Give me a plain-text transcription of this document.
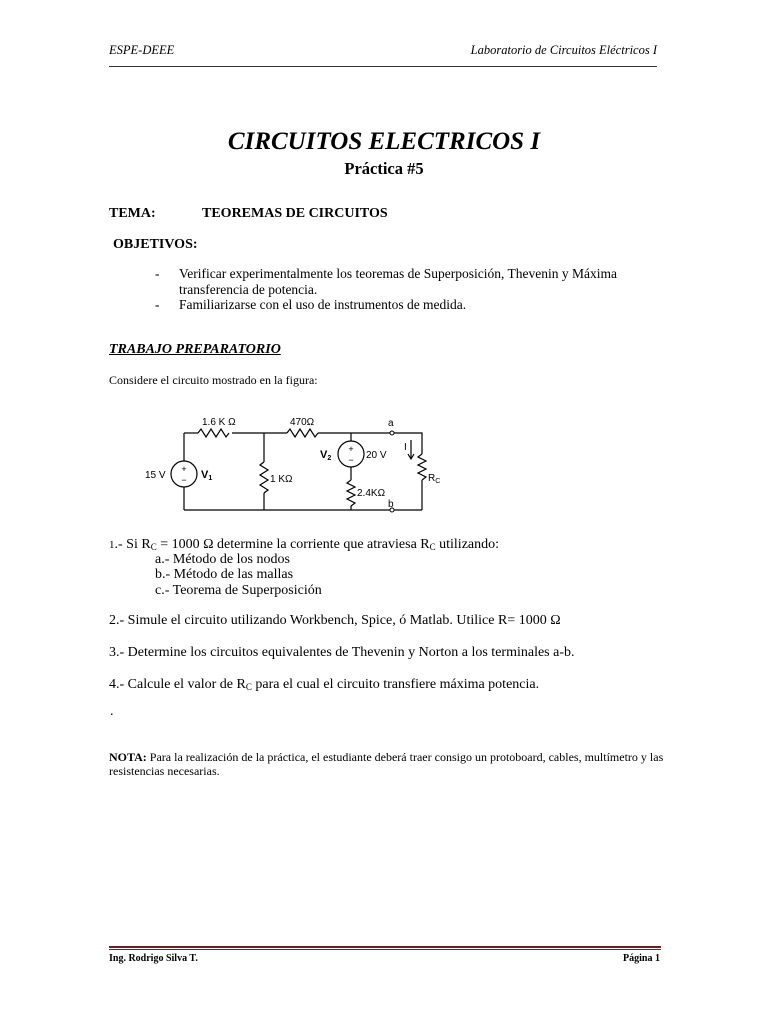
ESPE-DEEE	Laboratorio de Circuitos Eléctricos I
CIRCUITOS ELECTRICOS I
Práctica #5
TEMA:	TEOREMAS DE CIRCUITOS
OBJETIVOS:
- Verificar experimentalmente los teoremas de Superposición, Thevenin y Máxima transferencia de potencia.
- Familiarizarse con el uso de instrumentos de medida.
TRABAJO PREPARATORIO
Considere el circuito mostrado en la figura:
1.6 K Ω	470Ω
1 KΩ
2.4KΩ
15 V
20 V
a
b
I
$R_C$
V1
V2
+
−
+
−
1.- Si $R_C = 1000$ Ω determine la corriente que atraviesa $R_C$ utilizando:
a.- Método de los nodos
b.- Método de las mallas
c.- Teorema de Superposición
2.- Simule el circuito utilizando Workbench, Spice, ó Matlab. Utilice R= 1000 Ω
3.- Determine los circuitos equivalentes de Thevenin y Norton a los terminales a-b.
4.- Calcule el valor de $R_C$ para el cual el circuito transfiere máxima potencia.
.
NOTA: Para la realización de la práctica, el estudiante deberá traer consigo un protoboard, cables, multímetro y las resistencias necesarias.
Ing. Rodrigo Silva T.	Página 1
